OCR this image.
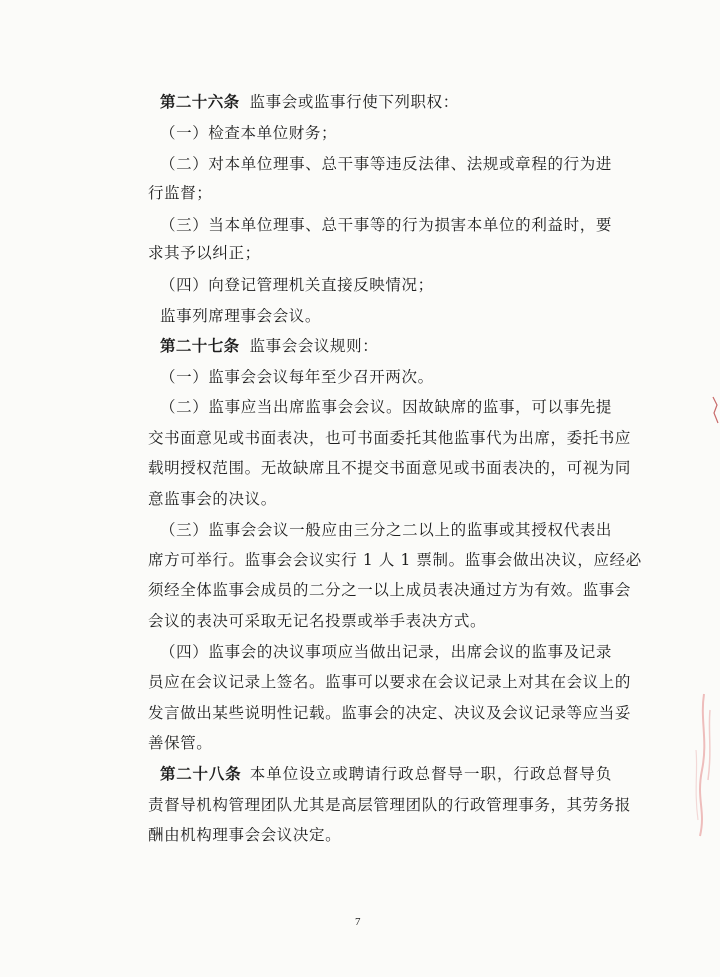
第二十六条 监事会或监事行使下列职权：
（一）检查本单位财务；
（二）对本单位理事、总干事等违反法律、法规或章程的行为进
行监督；
（三）当本单位理事、总干事等的行为损害本单位的利益时，要
求其予以纠正；
（四）向登记管理机关直接反映情况；
监事列席理事会会议。
第二十七条 监事会会议规则：
（一）监事会会议每年至少召开两次。
（二）监事应当出席监事会会议。因故缺席的监事，可以事先提
交书面意见或书面表决，也可书面委托其他监事代为出席，委托书应
载明授权范围。无故缺席且不提交书面意见或书面表决的，可视为同
意监事会的决议。
（三）监事会会议一般应由三分之二以上的监事或其授权代表出
席方可举行。监事会会议实行 1 人 1 票制。监事会做出决议，应经必
须经全体监事会成员的二分之一以上成员表决通过方为有效。监事会
会议的表决可采取无记名投票或举手表决方式。
（四）监事会的决议事项应当做出记录，出席会议的监事及记录
员应在会议记录上签名。监事可以要求在会议记录上对其在会议上的
发言做出某些说明性记载。监事会的决定、决议及会议记录等应当妥
善保管。
第二十八条 本单位设立或聘请行政总督导一职，行政总督导负
责督导机构管理团队尤其是高层管理团队的行政管理事务，其劳务报
酬由机构理事会会议决定。
7
